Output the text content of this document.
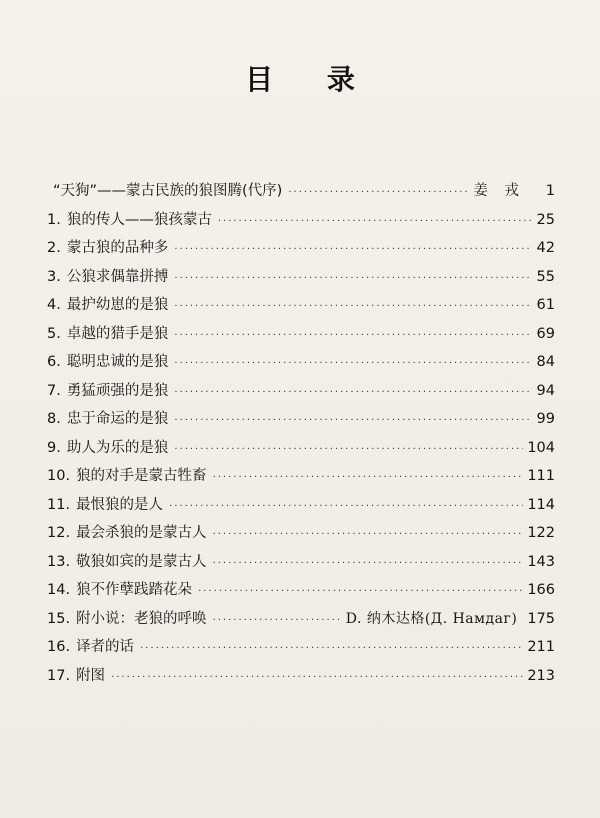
目 录
“天狗”——蒙古民族的狼图腾(代序) ·····	姜 戎	1
1. 狼的传人——狼孩蒙古 ·····	25
2. 蒙古狼的品种多 ·····	42
3. 公狼求偶靠拼搏 ·····	55
4. 最护幼崽的是狼 ·····	61
5. 卓越的猎手是狼 ·····	69
6. 聪明忠诚的是狼 ·····	84
7. 勇猛顽强的是狼 ·····	94
8. 忠于命运的是狼 ·····	99
9. 助人为乐的是狼 ·····	104
10. 狼的对手是蒙古牲畜 ·····	111
11. 最恨狼的是人 ·····	114
12. 最会杀狼的是蒙古人 ·····	122
13. 敬狼如宾的是蒙古人 ·····	143
14. 狼不作孽践踏花朵 ·····	166
15. 附小说：老狼的呼唤 ·····	D. 纳木达格(Д. Намдаг) 175
16. 译者的话 ·····	211
17. 附图 ·····	213
